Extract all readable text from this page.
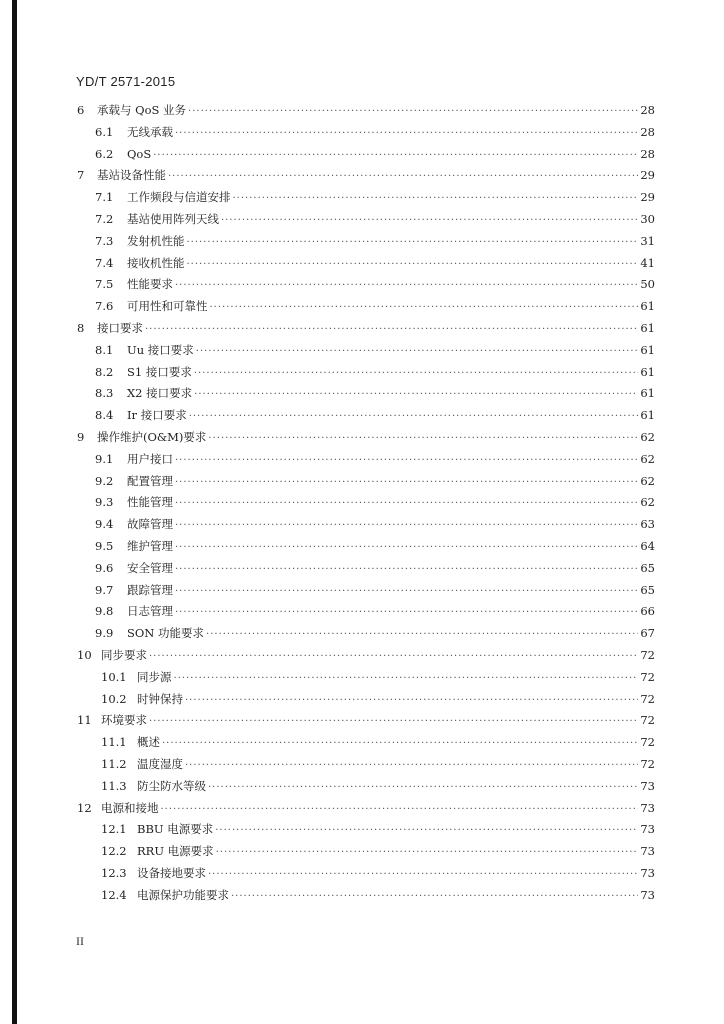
YD/T 2571-2015
6	承载与 QoS 业务 ·····	28
6.1	无线承载 ·····	28
6.2	QoS ·····	28
7	基站设备性能 ·····	29
7.1	工作频段与信道安排 ·····	29
7.2	基站使用阵列天线 ·····	30
7.3	发射机性能 ·····	31
7.4	接收机性能 ·····	41
7.5	性能要求 ·····	50
7.6	可用性和可靠性 ·····	61
8	接口要求 ·····	61
8.1	Uu 接口要求 ·····	61
8.2	S1 接口要求 ·····	61
8.3	X2 接口要求 ·····	61
8.4	Ir 接口要求 ·····	61
9	操作维护(O&M)要求 ·····	62
9.1	用户接口 ·····	62
9.2	配置管理 ·····	62
9.3	性能管理 ·····	62
9.4	故障管理 ·····	63
9.5	维护管理 ·····	64
9.6	安全管理 ·····	65
9.7	跟踪管理 ·····	65
9.8	日志管理 ·····	66
9.9	SON 功能要求 ·····	67
10 同步要求 ·····	72
10.1 同步源 ·····	72
10.2 时钟保持 ·····	72
11 环境要求 ·····	72
11.1 概述 ·····	72
11.2 温度湿度 ·····	72
11.3 防尘防水等级 ·····	73
12 电源和接地 ·····	73
12.1 BBU 电源要求 ·····	73
12.2 RRU 电源要求 ·····	73
12.3 设备接地要求 ·····	73
12.4 电源保护功能要求 ·····	73
II
